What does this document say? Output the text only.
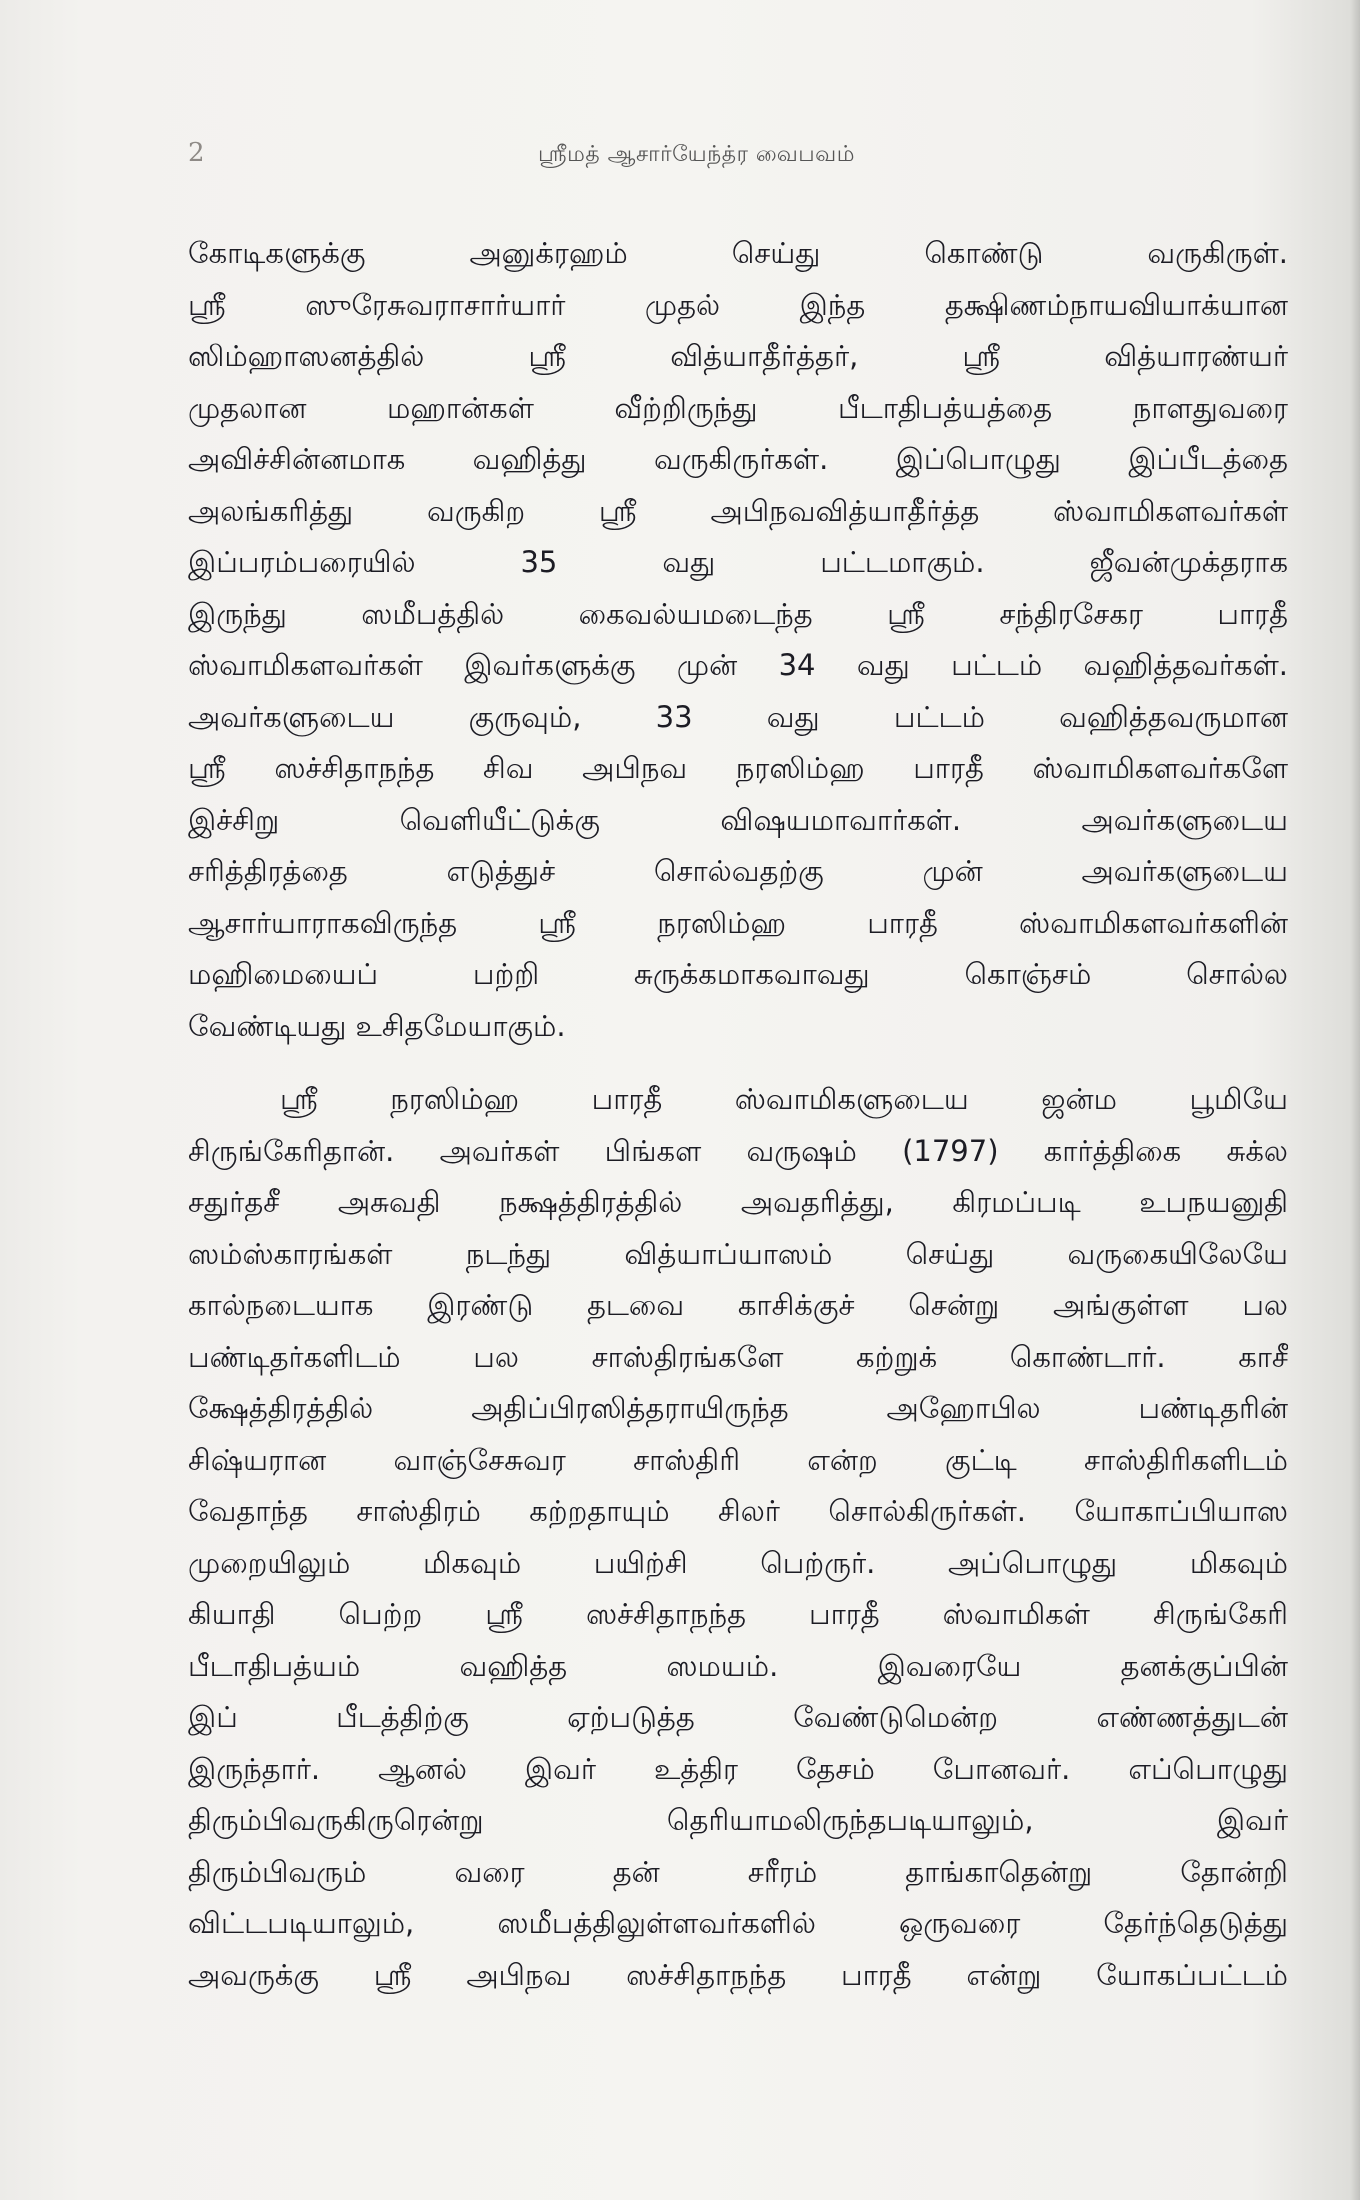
2	ஸ்ரீமத் ஆசார்யேந்த்ர வைபவம்
கோடிகளுக்கு அனுக்ரஹம் செய்து கொண்டு வருகிருள்.
ஸ்ரீ ஸுரேசுவராசார்யார் முதல் இந்த தக்ஷிணம்நாயவியாக்யான
ஸிம்ஹாஸனத்தில் ஸ்ரீ வித்யாதீர்த்தர், ஸ்ரீ வித்யாரண்யர்
முதலான மஹான்கள் வீற்றிருந்து பீடாதிபத்யத்தை நாளதுவரை
அவிச்சின்னமாக வஹித்து வருகிருர்கள். இப்பொழுது இப்பீடத்தை
அலங்கரித்து வருகிற ஸ்ரீ அபிநவவித்யாதீர்த்த ஸ்வாமிகளவர்கள்
இப்பரம்பரையில் 35 வது பட்டமாகும். ஜீவன்முக்தராக
இருந்து ஸமீபத்தில் கைவல்யமடைந்த ஸ்ரீ சந்திரசேகர பாரதீ
ஸ்வாமிகளவர்கள் இவர்களுக்கு முன் 34 வது பட்டம் வஹித்தவர்கள்.
அவர்களுடைய குருவும், 33 வது பட்டம் வஹித்தவருமான
ஸ்ரீ ஸச்சிதாநந்த சிவ அபிநவ நரஸிம்ஹ பாரதீ ஸ்வாமிகளவர்களே
இச்சிறு வெளியீட்டுக்கு விஷயமாவார்கள். அவர்களுடைய
சரித்திரத்தை எடுத்துச் சொல்வதற்கு முன் அவர்களுடைய
ஆசார்யாராகவிருந்த ஸ்ரீ நரஸிம்ஹ பாரதீ ஸ்வாமிகளவர்களின்
மஹிமையைப் பற்றி சுருக்கமாகவாவது கொஞ்சம் சொல்ல
வேண்டியது உசிதமேயாகும்.
ஸ்ரீ நரஸிம்ஹ பாரதீ ஸ்வாமிகளுடைய ஜன்ம பூமியே
சிருங்கேரிதான். அவர்கள் பிங்கள வருஷம் (1797) கார்த்திகை சுக்ல
சதுர்தசீ அசுவதி நக்ஷத்திரத்தில் அவதரித்து, கிரமப்படி உபநயனுதி
ஸம்ஸ்காரங்கள் நடந்து வித்யாப்யாஸம் செய்து வருகையிலேயே
கால்நடையாக இரண்டு தடவை காசிக்குச் சென்று அங்குள்ள பல
பண்டிதர்களிடம் பல சாஸ்திரங்களே கற்றுக் கொண்டார். காசீ
க்ஷேத்திரத்தில் அதிப்பிரஸித்தராயிருந்த அஹோபில பண்டிதரின்
சிஷ்யரான வாஞ்சேசுவர சாஸ்திரி என்ற குட்டி சாஸ்திரிகளிடம்
வேதாந்த சாஸ்திரம் கற்றதாயும் சிலர் சொல்கிருர்கள். யோகாப்பியாஸ
முறையிலும் மிகவும் பயிற்சி பெற்ருர். அப்பொழுது மிகவும்
கியாதி பெற்ற ஸ்ரீ ஸச்சிதாநந்த பாரதீ ஸ்வாமிகள் சிருங்கேரி
பீடாதிபத்யம் வஹித்த ஸமயம். இவரையே தனக்குப்பின்
இப் பீடத்திற்கு ஏற்படுத்த வேண்டுமென்ற எண்ணத்துடன்
இருந்தார். ஆனல் இவர் உத்திர தேசம் போனவர். எப்பொழுது
திரும்பிவருகிருரென்று தெரியாமலிருந்தபடியாலும், இவர்
திரும்பிவரும் வரை தன் சரீரம் தாங்காதென்று தோன்றி
விட்டபடியாலும், ஸமீபத்திலுள்ளவர்களில் ஒருவரை தேர்ந்தெடுத்து
அவருக்கு ஸ்ரீ அபிநவ ஸச்சிதாநந்த பாரதீ என்று யோகப்பட்டம்
